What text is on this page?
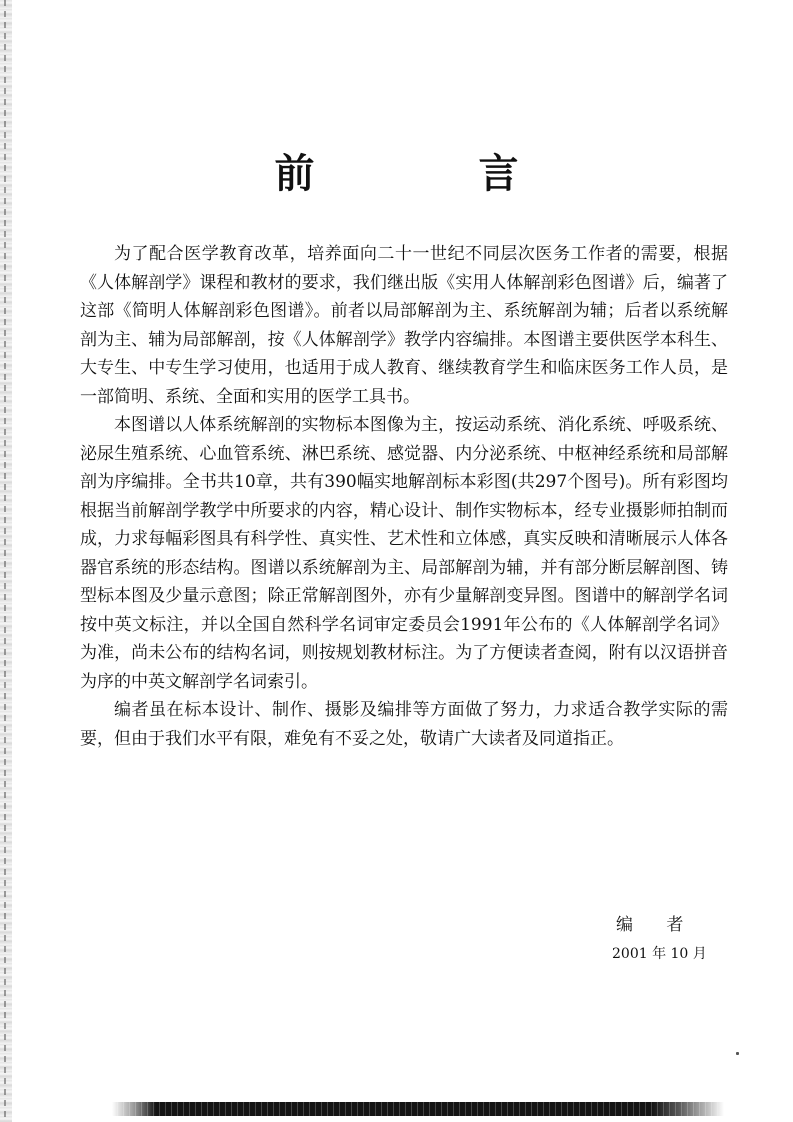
前　言

为了配合医学教育改革，培养面向二十一世纪不同层次医务工作者的需要，根据《人体解剖学》课程和教材的要求，我们继出版《实用人体解剖彩色图谱》后，编著了这部《简明人体解剖彩色图谱》。前者以局部解剖为主、系统解剖为辅；后者以系统解剖为主、辅为局部解剖，按《人体解剖学》教学内容编排。本图谱主要供医学本科生、大专生、中专生学习使用，也适用于成人教育、继续教育学生和临床医务工作人员，是一部简明、系统、全面和实用的医学工具书。

本图谱以人体系统解剖的实物标本图像为主，按运动系统、消化系统、呼吸系统、泌尿生殖系统、心血管系统、淋巴系统、感觉器、内分泌系统、中枢神经系统和局部解剖为序编排。全书共10章，共有390幅实地解剖标本彩图(共297个图号)。所有彩图均根据当前解剖学教学中所要求的内容，精心设计、制作实物标本，经专业摄影师拍制而成，力求每幅彩图具有科学性、真实性、艺术性和立体感，真实反映和清晰展示人体各器官系统的形态结构。图谱以系统解剖为主、局部解剖为辅，并有部分断层解剖图、铸型标本图及少量示意图；除正常解剖图外，亦有少量解剖变异图。图谱中的解剖学名词按中英文标注，并以全国自然科学名词审定委员会1991年公布的《人体解剖学名词》为准，尚未公布的结构名词，则按规划教材标注。为了方便读者查阅，附有以汉语拼音为序的中英文解剖学名词索引。

编者虽在标本设计、制作、摄影及编排等方面做了努力，力求适合教学实际的需要，但由于我们水平有限，难免有不妥之处，敬请广大读者及同道指正。

编 者
2001 年 10 月
